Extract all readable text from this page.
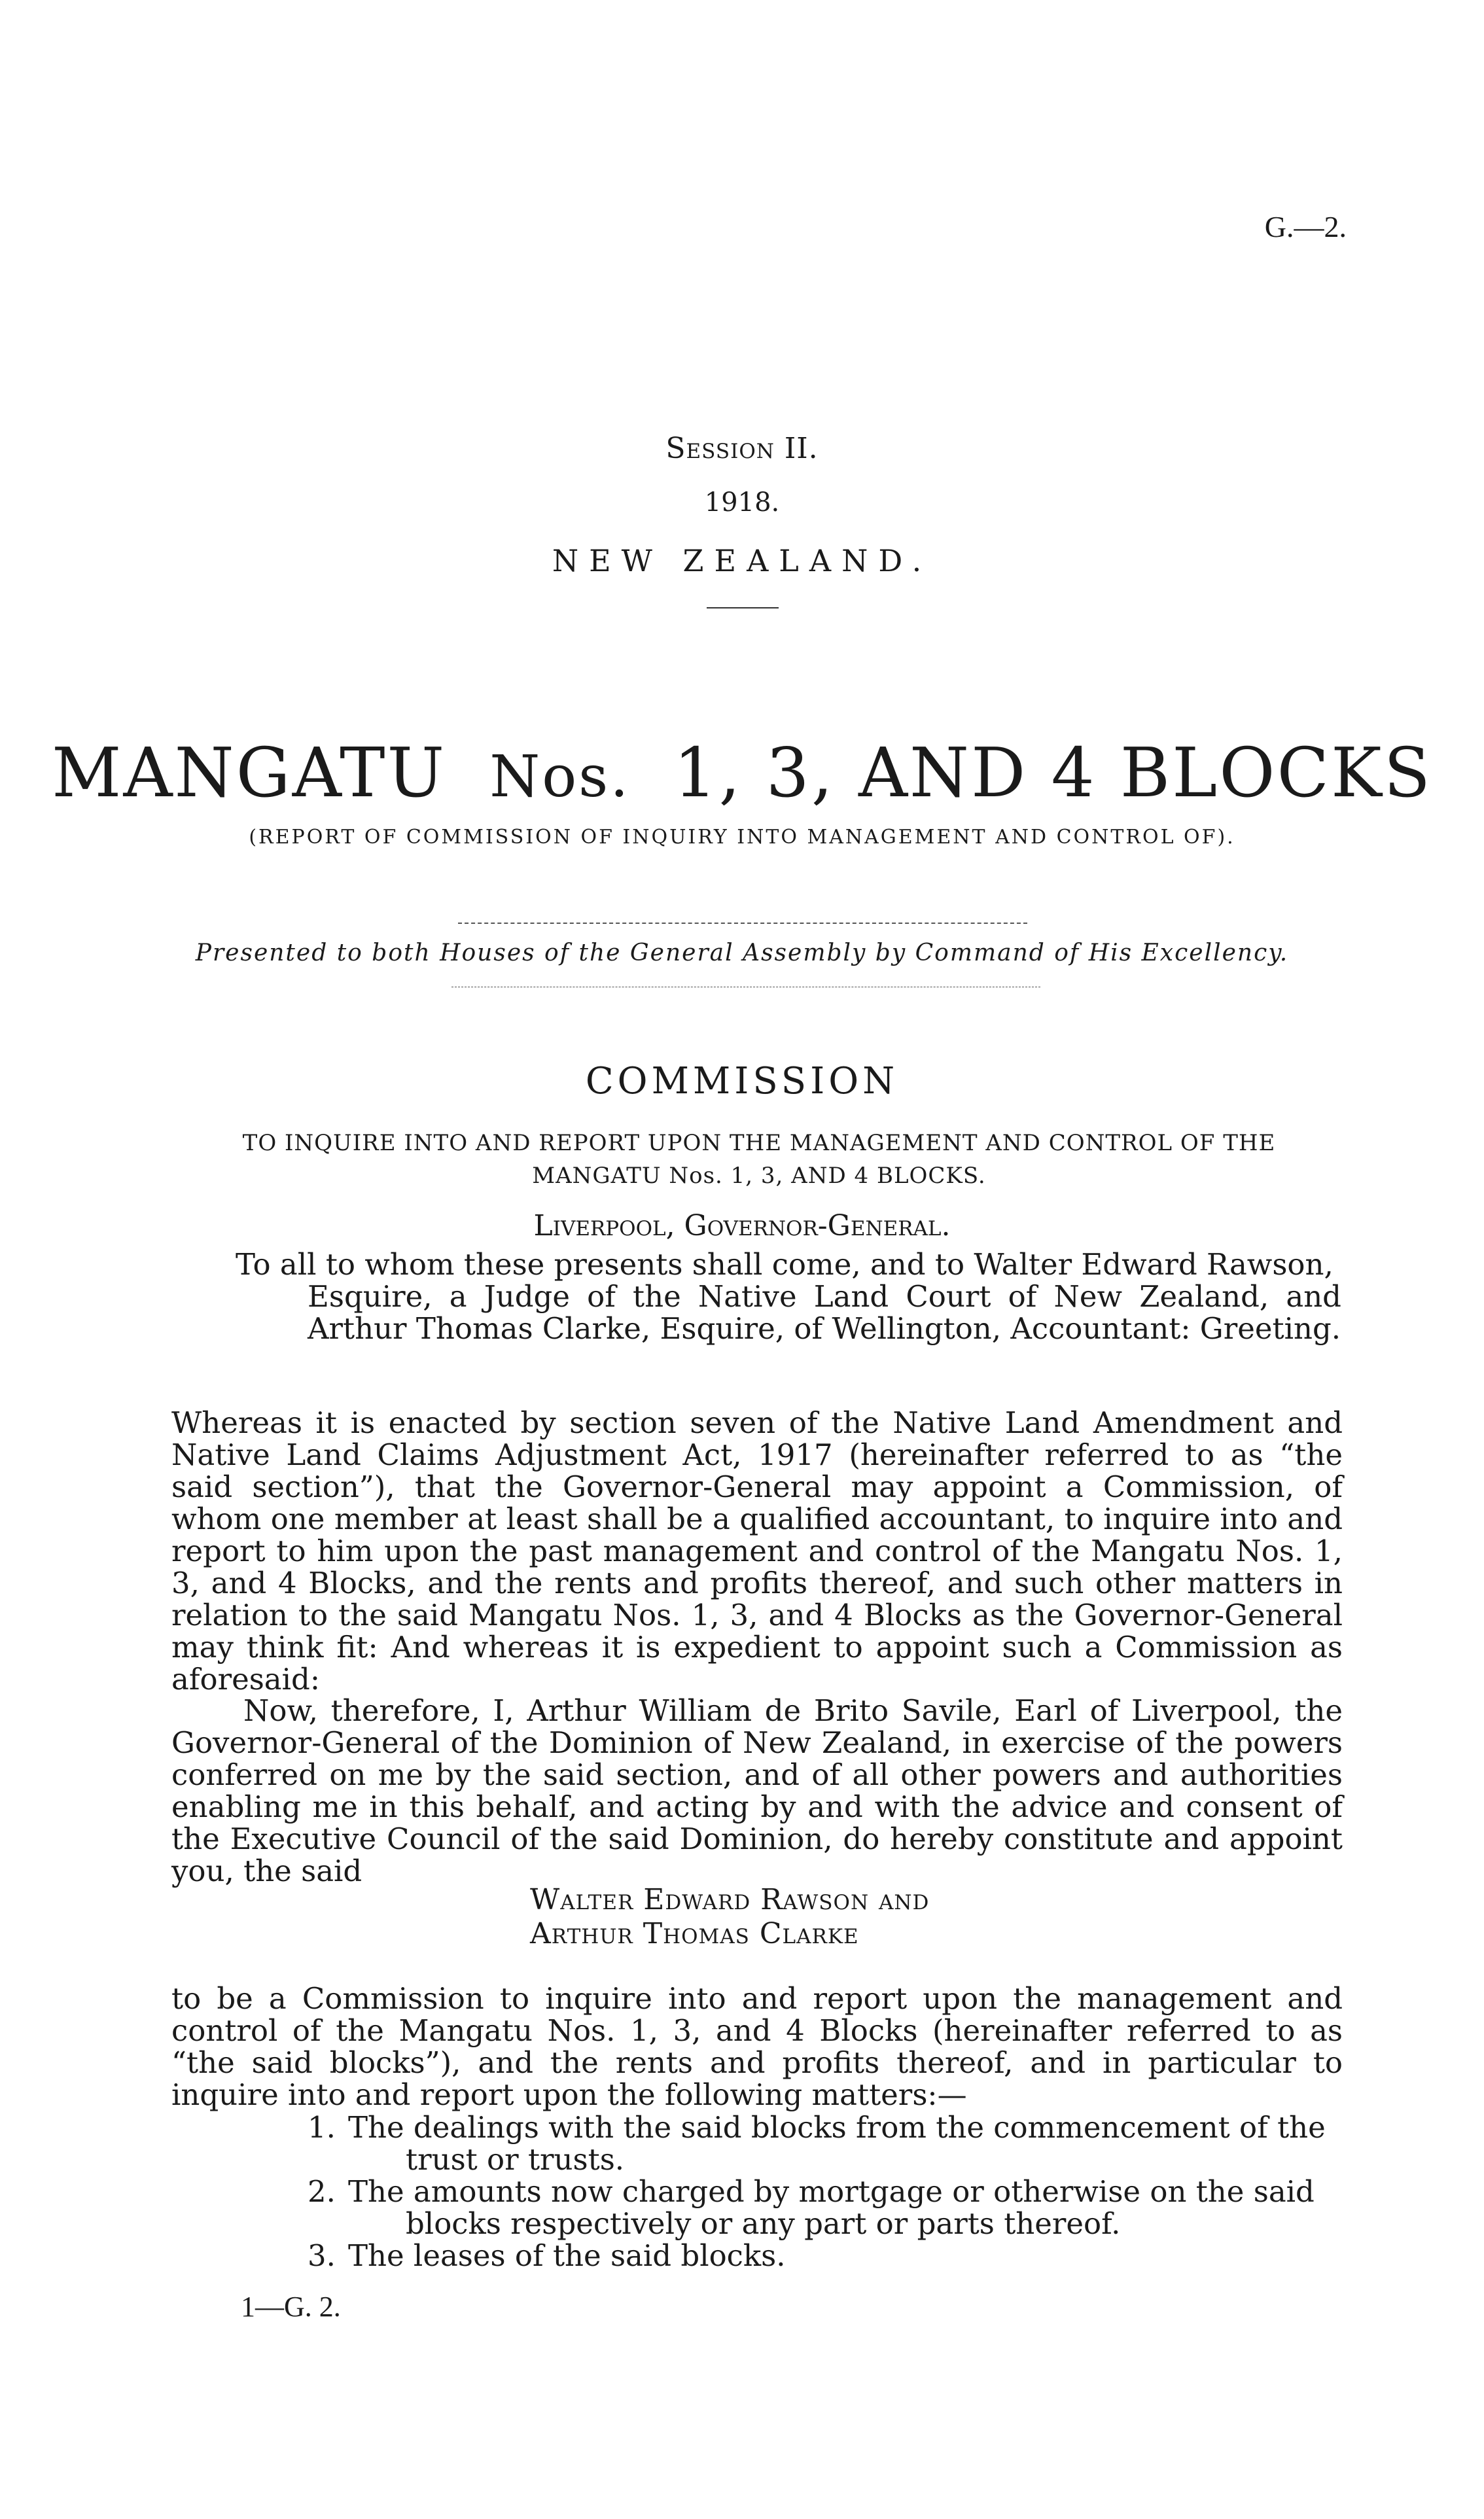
G.—2.
Session II.
1918.
NEW ZEALAND.
MANGATU Nos. 1, 3, AND 4 BLOCKS
(REPORT OF COMMISSION OF INQUIRY INTO MANAGEMENT AND CONTROL OF).
Presented to both Houses of the General Assembly by Command of His Excellency.
COMMISSION
TO INQUIRE INTO AND REPORT UPON THE MANAGEMENT AND CONTROL OF THE MANGATU Nos. 1, 3, AND 4 BLOCKS.
Liverpool, Governor-General.
To all to whom these presents shall come, and to Walter Edward Rawson,
Esquire, a Judge of the Native Land Court of New Zealand, and Arthur Thomas Clarke, Esquire, of Wellington, Accountant: Greeting.
Whereas it is enacted by section seven of the Native Land Amendment and Native Land Claims Adjustment Act, 1917 (hereinafter referred to as “the said section”), that the Governor-General may appoint a Commission, of whom one member at least shall be a qualified accountant, to inquire into and report to him upon the past management and control of the Mangatu Nos. 1, 3, and 4 Blocks, and the rents and profits thereof, and such other matters in relation to the said Mangatu Nos. 1, 3, and 4 Blocks as the Governor-General may think fit: And whereas it is expedient to appoint such a Commission as aforesaid:
Now, therefore, I, Arthur William de Brito Savile, Earl of Liverpool, the Governor-General of the Dominion of New Zealand, in exercise of the powers conferred on me by the said section, and of all other powers and authorities enabling me in this behalf, and acting by and with the advice and consent of the Executive Council of the said Dominion, do hereby constitute and appoint you, the said
Walter Edward Rawson and
Arthur Thomas Clarke
to be a Commission to inquire into and report upon the management and control of the Mangatu Nos. 1, 3, and 4 Blocks (hereinafter referred to as “the said blocks”), and the rents and profits thereof, and in particular to inquire into and report upon the following matters:—
1. The dealings with the said blocks from the commencement of the
trust or trusts.
2. The amounts now charged by mortgage or otherwise on the said
blocks respectively or any part or parts thereof.
3. The leases of the said blocks.
1—G. 2.
